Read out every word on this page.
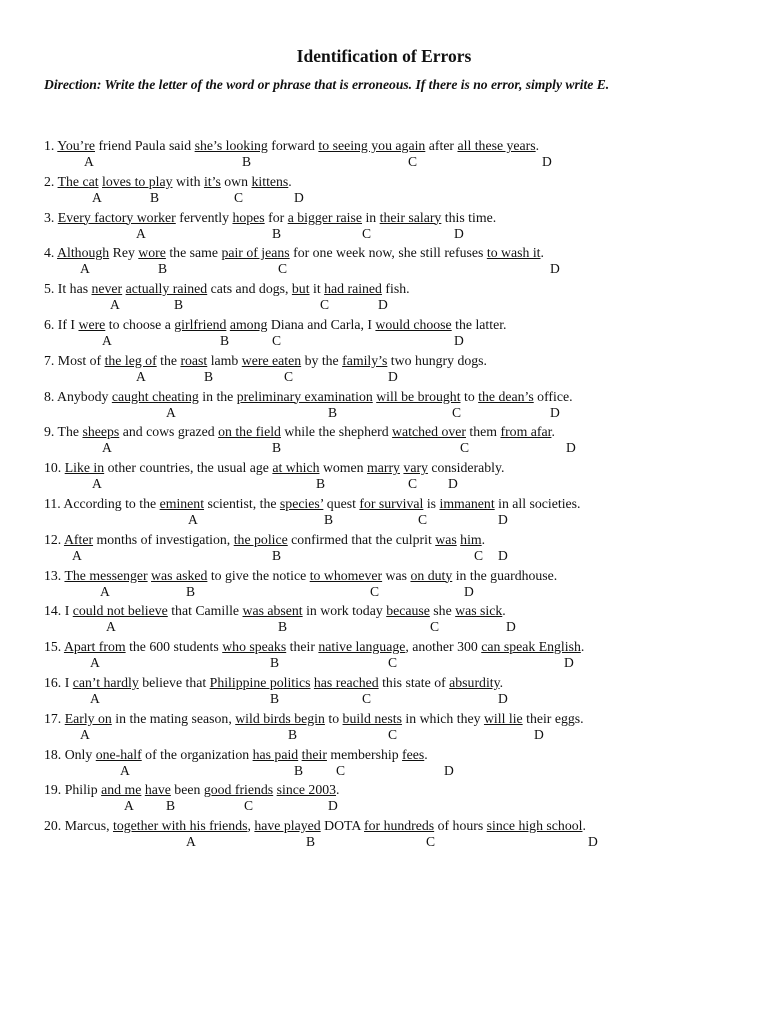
Identification of Errors
Direction: Write the letter of the word or phrase that is erroneous. If there is no error, simply write E.
1. You’re friend Paula said she’s looking forward to seeing you again after all these years.
A	B	C	D
2. The cat loves to play with it’s own kittens.
A	B	C	D
3. Every factory worker fervently hopes for a bigger raise in their salary this time.
A	B	C	D
4. Although Rey wore the same pair of jeans for one week now, she still refuses to wash it.
A	B	C	D
5. It has never actually rained cats and dogs, but it had rained fish.
A	B	C	D
6. If I were to choose a girlfriend among Diana and Carla, I would choose the latter.
A	B	C	D
7. Most of the leg of the roast lamb were eaten by the family’s two hungry dogs.
A	B	C	D
8. Anybody caught cheating in the preliminary examination will be brought to the dean’s office.
A	B	C	D
9. The sheeps and cows grazed on the field while the shepherd watched over them from afar.
A	B	C	D
10. Like in other countries, the usual age at which women marry vary considerably.
A	B	C D
11. According to the eminent scientist, the species’ quest for survival is immanent in all societies.
A	B	C	D
12. After months of investigation, the police confirmed that the culprit was him.
A	B	C D
13. The messenger was asked to give the notice to whomever was on duty in the guardhouse.
A	B	C	D
14. I could not believe that Camille was absent in work today because she was sick.
A	B	C	D
15. Apart from the 600 students who speaks their native language, another 300 can speak English.
A	B	C	D
16. I can’t hardly believe that Philippine politics has reached this state of absurdity.
A	B	C	D
17. Early on in the mating season, wild birds begin to build nests in which they will lie their eggs.
A	B	C	D
18. Only one-half of the organization has paid their membership fees.
A	B C	D
19. Philip and me have been good friends since 2003.
A B	C	D
20. Marcus, together with his friends, have played DOTA for hundreds of hours since high school.
A	B	C	D
